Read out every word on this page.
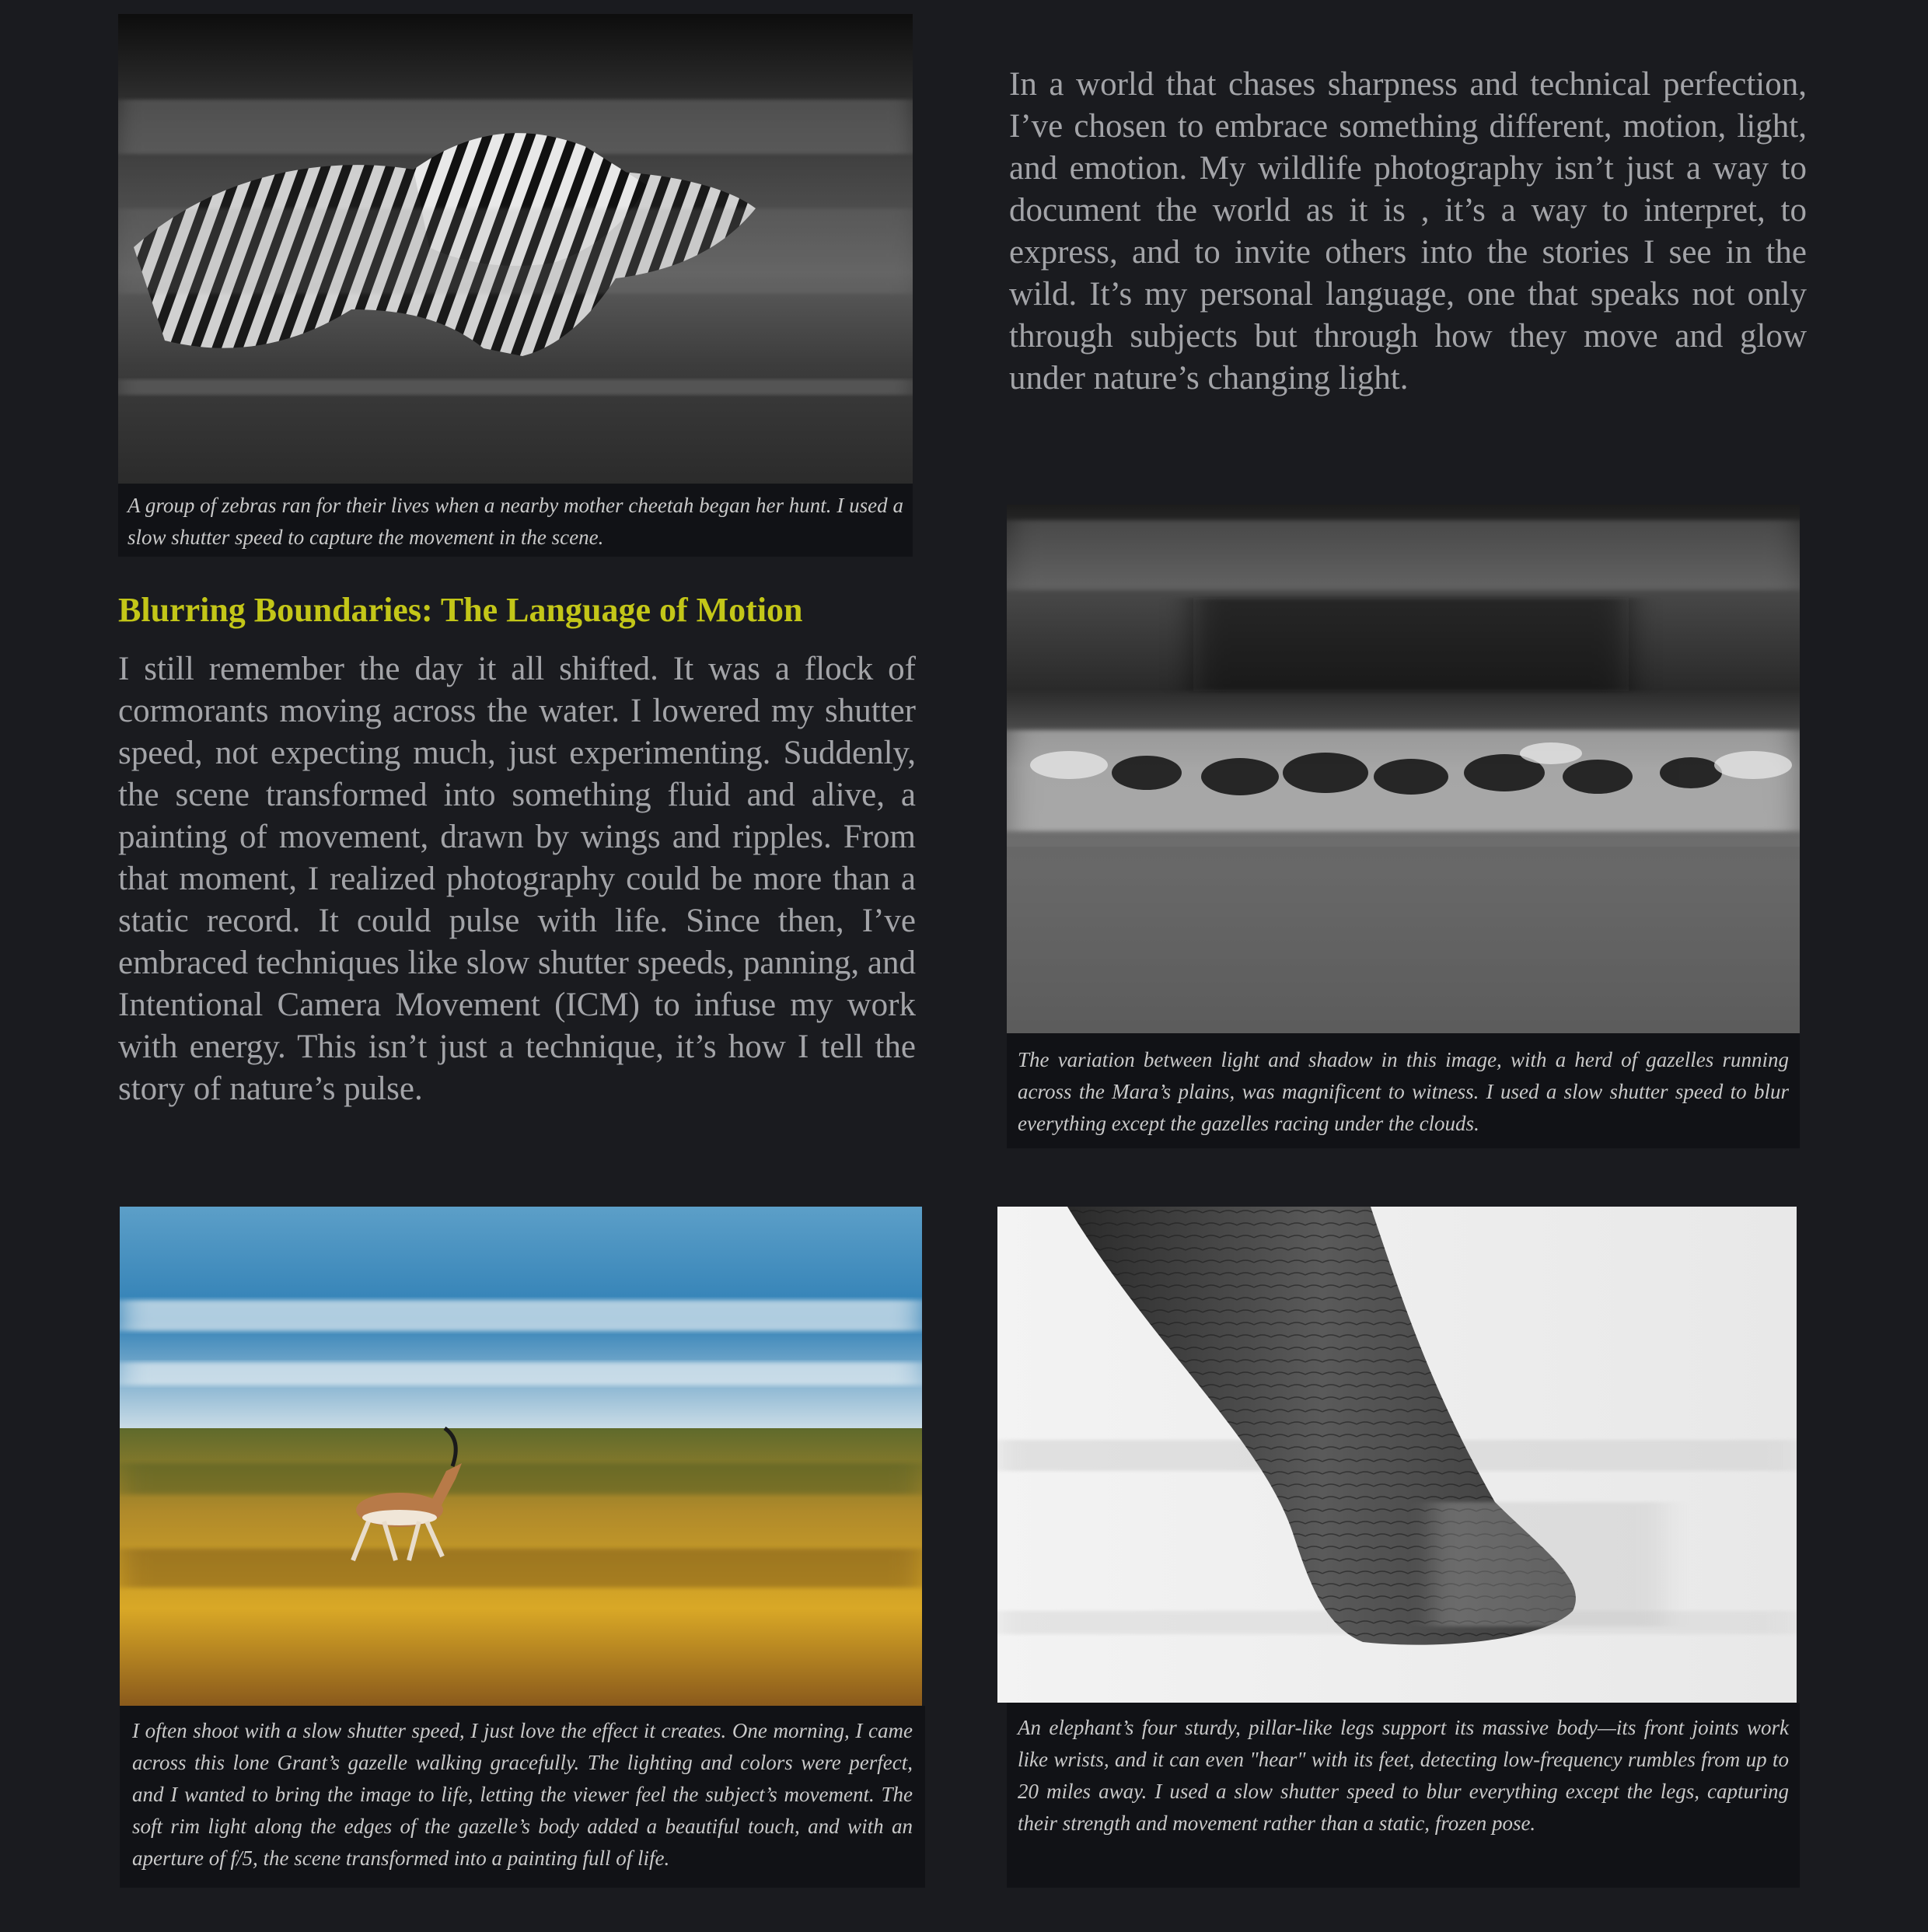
A group of zebras ran for their lives when a nearby mother cheetah began her hunt. I used a slow shutter speed to capture the movement in the scene.

In a world that chases sharpness and technical perfection, I’ve chosen to embrace something different, motion, light, and emotion. My wildlife photography isn’t just a way to document the world as it is , it’s a way to interpret, to express, and to invite others into the stories I see in the wild. It’s my personal language, one that speaks not only through subjects but through how they move and glow under nature’s changing light.

Blurring Boundaries: The Language of Motion

I still remember the day it all shifted. It was a flock of cormorants moving across the water. I lowered my shutter speed, not expecting much, just experimenting. Suddenly, the scene transformed into something fluid and alive, a painting of movement, drawn by wings and ripples. From that moment, I realized photography could be more than a static record. It could pulse with life. Since then, I’ve embraced techniques like slow shutter speeds, panning, and Intentional Camera Movement (ICM) to infuse my work with energy. This isn’t just a technique, it’s how I tell the story of nature’s pulse.

The variation between light and shadow in this image, with a herd of gazelles running across the Mara’s plains, was magnificent to witness. I used a slow shutter speed to blur everything except the gazelles racing under the clouds.
I often shoot with a slow shutter speed, I just love the effect it creates. One morning, I came across this lone Grant’s gazelle walking gracefully. The lighting and colors were perfect, and I wanted to bring the image to life, letting the viewer feel the subject’s movement. The soft rim light along the edges of the gazelle’s body added a beautiful touch, and with an aperture of f/5, the scene transformed into a painting full of life.
An elephant’s four sturdy, pillar-like legs support its massive body—its front joints work like wrists, and it can even "hear" with its feet, detecting low-frequency rumbles from up to 20 miles away. I used a slow shutter speed to blur everything except the legs, capturing their strength and movement rather than a static, frozen pose.
